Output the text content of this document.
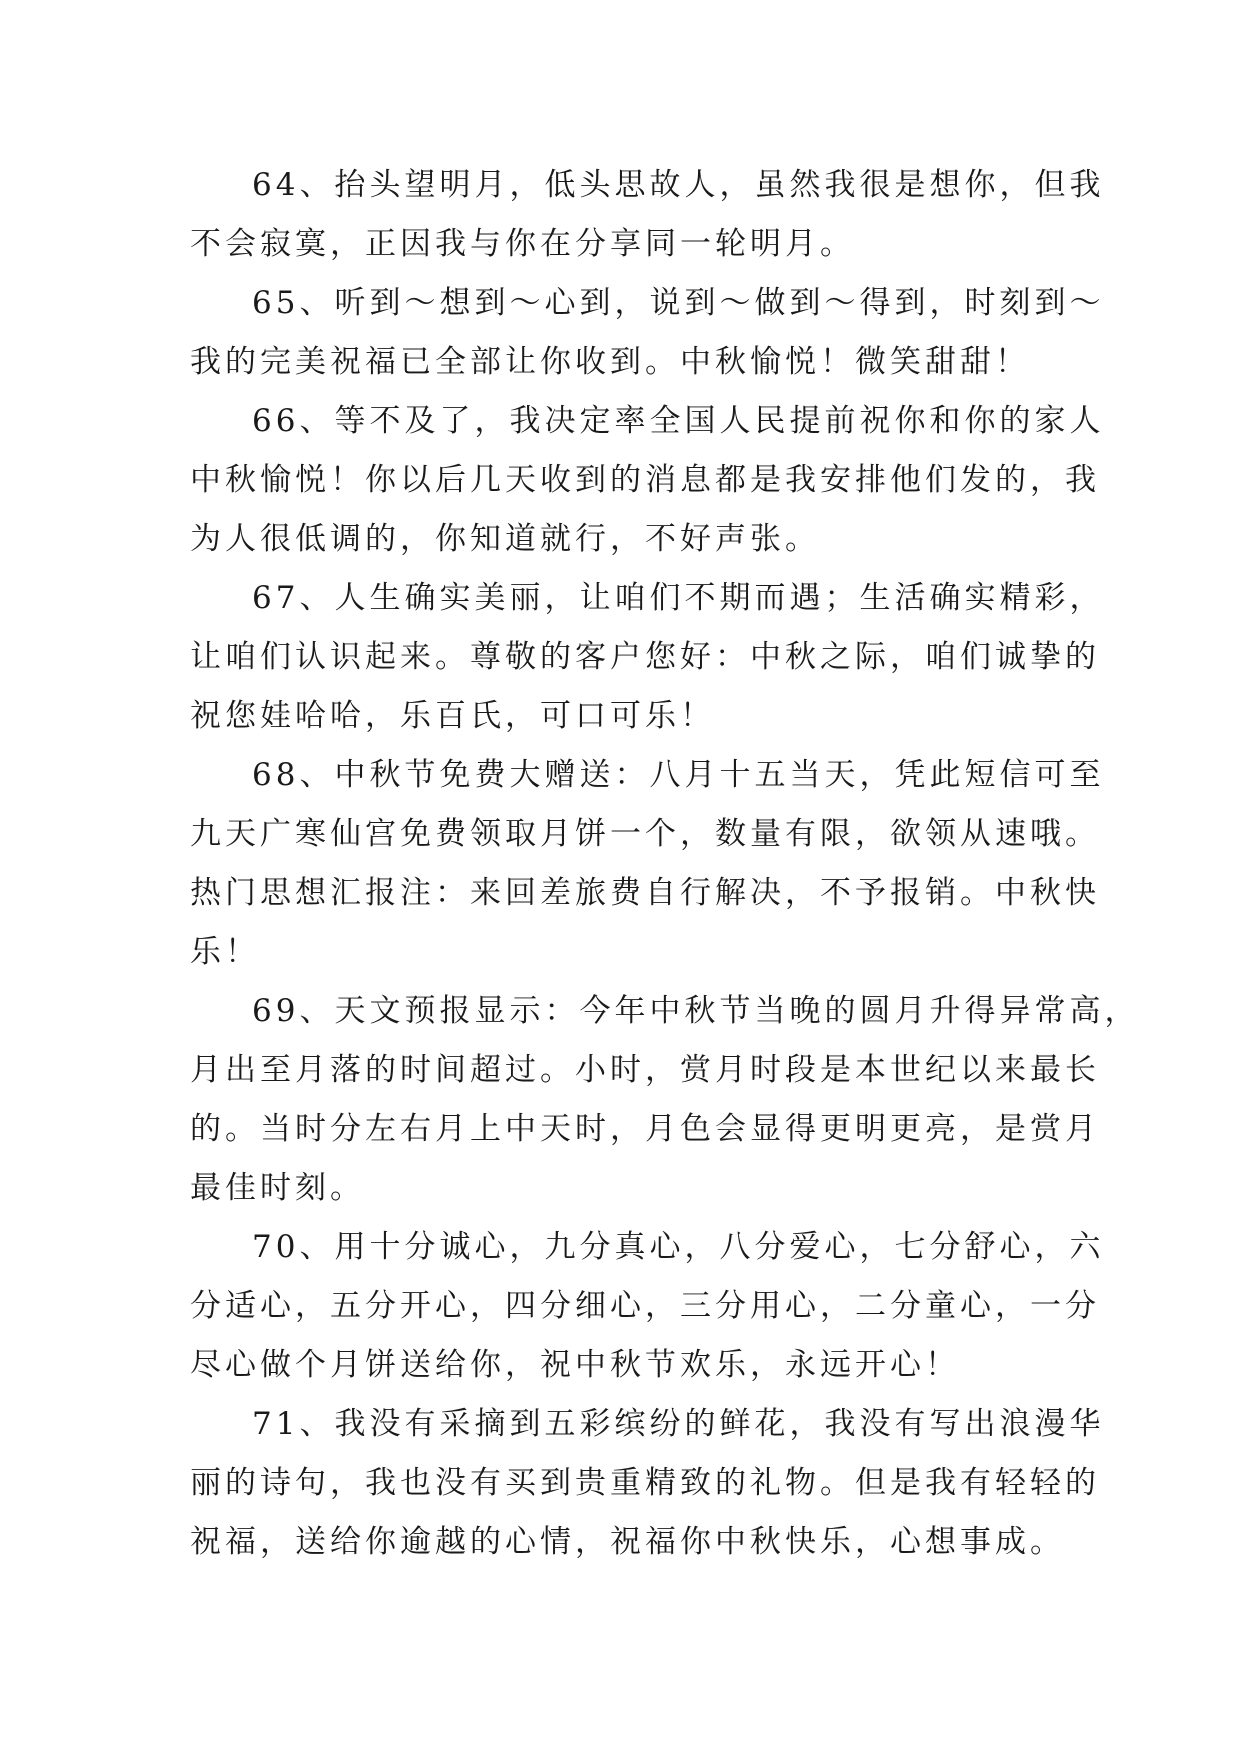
64、抬头望明月，低头思故人，虽然我很是想你，但我
不会寂寞，正因我与你在分享同一轮明月。

65、听到～想到～心到，说到～做到～得到，时刻到～
我的完美祝福已全部让你收到。中秋愉悦！微笑甜甜！

66、等不及了，我决定率全国人民提前祝你和你的家人
中秋愉悦！你以后几天收到的消息都是我安排他们发的，我
为人很低调的，你知道就行，不好声张。

67、人生确实美丽，让咱们不期而遇；生活确实精彩，
让咱们认识起来。尊敬的客户您好：中秋之际，咱们诚挚的
祝您娃哈哈，乐百氏，可口可乐！

68、中秋节免费大赠送：八月十五当天，凭此短信可至
九天广寒仙宫免费领取月饼一个，数量有限，欲领从速哦。
热门思想汇报注：来回差旅费自行解决，不予报销。中秋快
乐！

69、天文预报显示：今年中秋节当晚的圆月升得异常高，
月出至月落的时间超过。小时，赏月时段是本世纪以来最长
的。当时分左右月上中天时，月色会显得更明更亮，是赏月
最佳时刻。

70、用十分诚心，九分真心，八分爱心，七分舒心，六
分适心，五分开心，四分细心，三分用心，二分童心，一分
尽心做个月饼送给你，祝中秋节欢乐，永远开心！

71、我没有采摘到五彩缤纷的鲜花，我没有写出浪漫华
丽的诗句，我也没有买到贵重精致的礼物。但是我有轻轻的
祝福，送给你逾越的心情，祝福你中秋快乐，心想事成。
